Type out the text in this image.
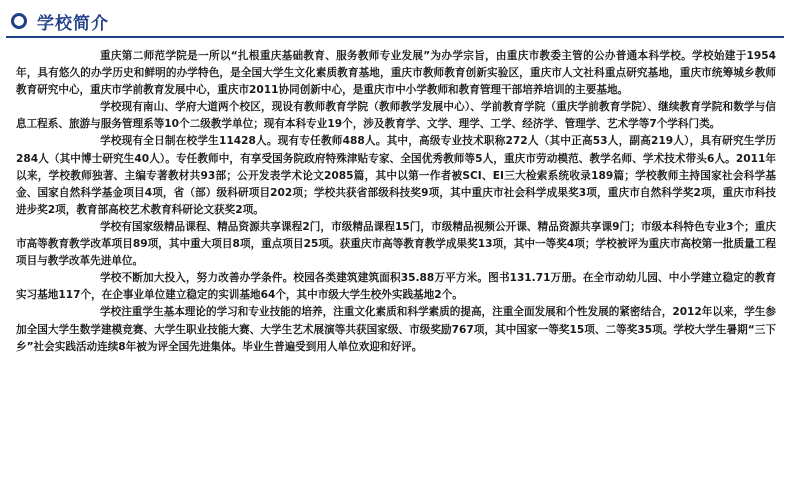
学校简介

重庆第二师范学院是一所以“扎根重庆基础教育、服务教师专业发展”为办学宗旨，由重庆市教委主管的公办普通本科学校。学校始建于1954年，具有悠久的办学历史和鲜明的办学特色，是全国大学生文化素质教育基地，重庆市教师教育创新实验区，重庆市人文社科重点研究基地，重庆市统筹城乡教师教育研究中心，重庆市学前教育发展中心，重庆市2011协同创新中心，是重庆市中小学教师和教育管理干部培养培训的主要基地。

学校现有南山、学府大道两个校区，现设有教师教育学院（教师教学发展中心）、学前教育学院（重庆学前教育学院）、继续教育学院和数学与信息工程系、旅游与服务管理系等10个二级教学单位；现有本科专业19个，涉及教育学、文学、理学、工学、经济学、管理学、艺术学等7个学科门类。

学校现有全日制在校学生11428人。现有专任教师488人。其中，高级专业技术职称272人（其中正高53人，副高219人），具有研究生学历284人（其中博士研究生40人）。专任教师中，有享受国务院政府特殊津贴专家、全国优秀教师等5人，重庆市劳动模范、教学名师、学术技术带头6人。2011年以来，学校教师独著、主编专著教材共93部；公开发表学术论文2085篇，其中以第一作者被SCI、EI三大检索系统收录189篇；学校教师主持国家社会科学基金、国家自然科学基金项目4项，省（部）级科研项目202项；学校共获省部级科技奖9项，其中重庆市社会科学成果奖3项，重庆市自然科学奖2项，重庆市科技进步奖2项，教育部高校艺术教育科研论文获奖2项。

学校有国家级精品课程、精品资源共享课程2门，市级精品课程15门，市级精品视频公开课、精品资源共享课9门；市级本科特色专业3个；重庆市高等教育教学改革项目89项，其中重大项目8项，重点项目25项。获重庆市高等教育教学成果奖13项，其中一等奖4项；学校被评为重庆市高校第一批质量工程项目与教学改革先进单位。

学校不断加大投入，努力改善办学条件。校园各类建筑建筑面积35.88万平方米。图书131.71万册。在全市动幼儿园、中小学建立稳定的教育实习基地117个，在企事业单位建立稳定的实训基地64个，其中市级大学生校外实践基地2个。

学校注重学生基本理论的学习和专业技能的培养，注重文化素质和科学素质的提高，注重全面发展和个性发展的紧密结合，2012年以来，学生参加全国大学生数学建模竞赛、大学生职业技能大赛、大学生艺术展演等共获国家级、市级奖励767项，其中国家一等奖15项、二等奖35项。学校大学生暑期“三下乡”社会实践活动连续8年被为评全国先进集体。毕业生普遍受到用人单位欢迎和好评。
